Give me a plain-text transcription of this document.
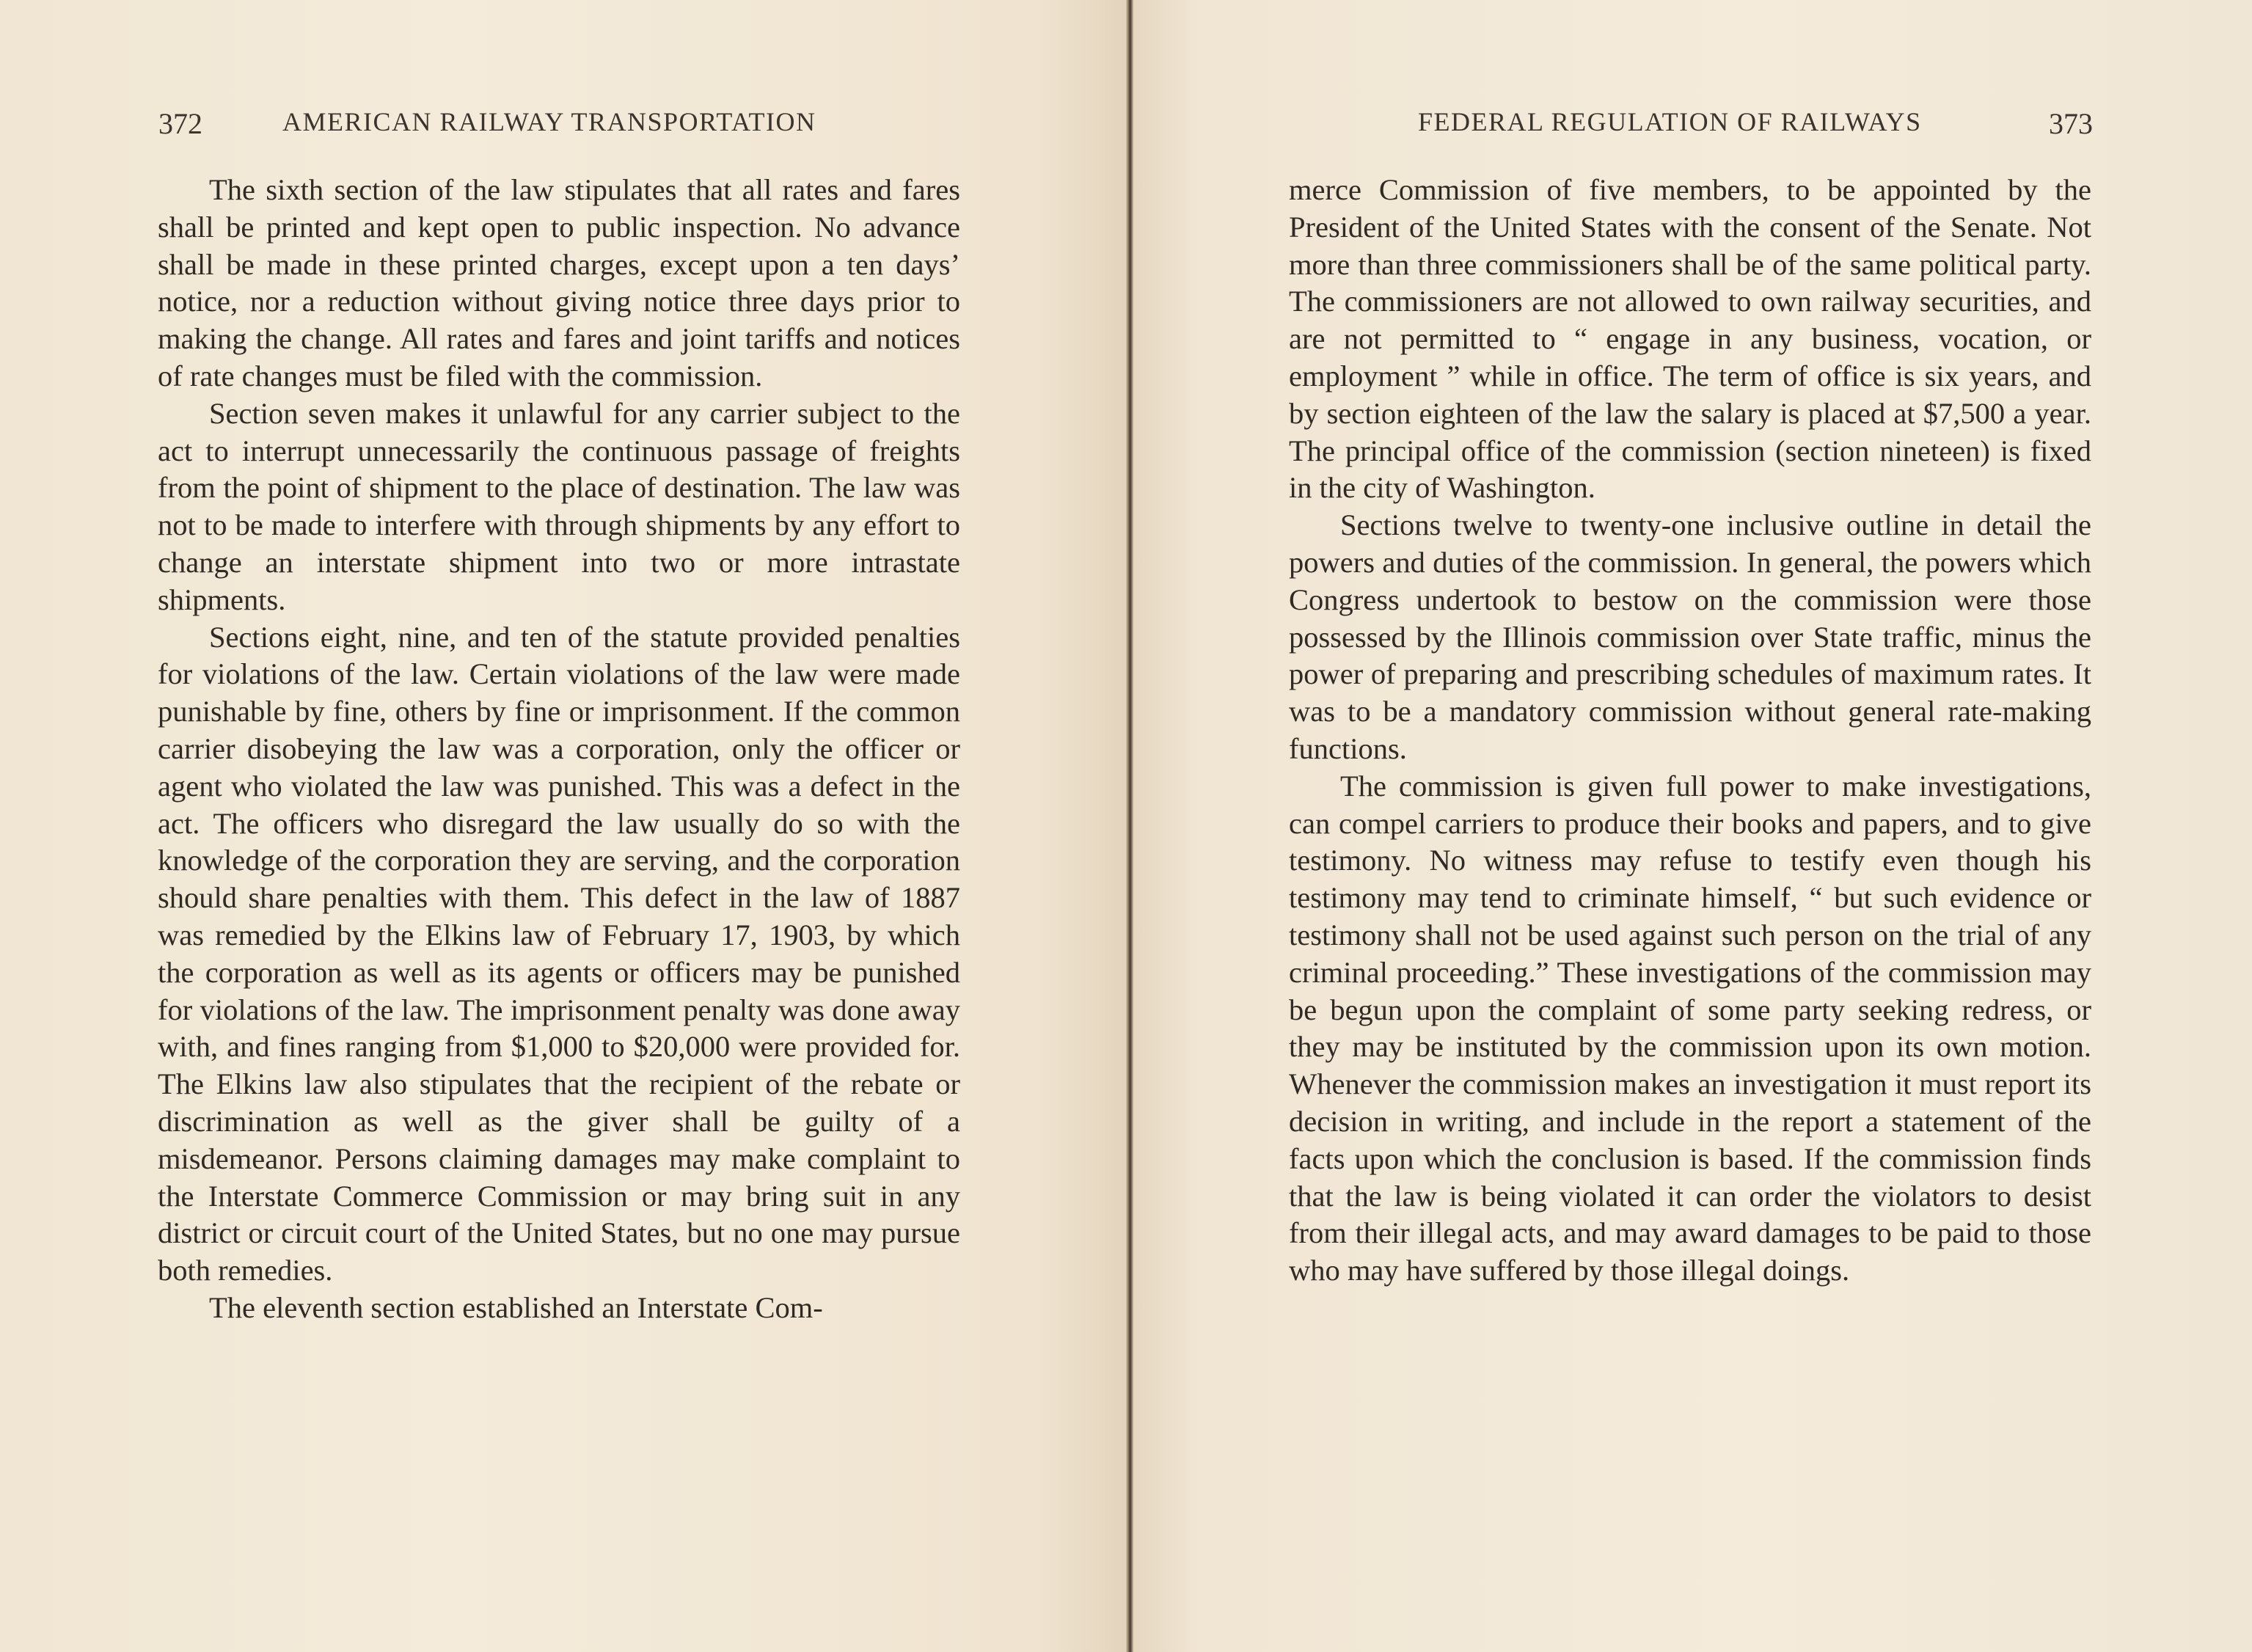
372	AMERICAN RAILWAY TRANSPORTATION

The sixth section of the law stipulates that all rates and fares shall be printed and kept open to public inspection. No advance shall be made in these printed charges, except upon a ten days’ notice, nor a reduction without giving notice three days prior to making the change. All rates and fares and joint tariffs and notices of rate changes must be filed with the commission.

Section seven makes it unlawful for any carrier subject to the act to interrupt unnecessarily the continuous passage of freights from the point of shipment to the place of destination. The law was not to be made to interfere with through shipments by any effort to change an interstate shipment into two or more intrastate shipments.

Sections eight, nine, and ten of the statute provided penalties for violations of the law. Certain violations of the law were made punishable by fine, others by fine or imprisonment. If the common carrier disobeying the law was a corporation, only the officer or agent who violated the law was punished. This was a defect in the act. The officers who disregard the law usually do so with the knowledge of the corporation they are serving, and the corporation should share penalties with them. This defect in the law of 1887 was remedied by the Elkins law of February 17, 1903, by which the corporation as well as its agents or officers may be punished for violations of the law. The imprisonment penalty was done away with, and fines ranging from $1,000 to $20,000 were provided for. The Elkins law also stipulates that the recipient of the rebate or discrimination as well as the giver shall be guilty of a misdemeanor. Persons claiming damages may make complaint to the Interstate Commerce Commission or may bring suit in any district or circuit court of the United States, but no one may pursue both remedies.

The eleventh section established an Interstate Com-

FEDERAL REGULATION OF RAILWAYS	373

merce Commission of five members, to be appointed by the President of the United States with the consent of the Senate. Not more than three commissioners shall be of the same political party. The commissioners are not allowed to own railway securities, and are not permitted to “ engage in any business, vocation, or employment ” while in office. The term of office is six years, and by section eighteen of the law the salary is placed at $7,500 a year. The principal office of the commission (section nineteen) is fixed in the city of Washington.

Sections twelve to twenty-one inclusive outline in detail the powers and duties of the commission. In general, the powers which Congress undertook to bestow on the commission were those possessed by the Illinois commission over State traffic, minus the power of preparing and prescribing schedules of maximum rates. It was to be a mandatory commission without general rate-making functions.

The commission is given full power to make investigations, can compel carriers to produce their books and papers, and to give testimony. No witness may refuse to testify even though his testimony may tend to criminate himself, “ but such evidence or testimony shall not be used against such person on the trial of any criminal proceeding.” These investigations of the commission may be begun upon the complaint of some party seeking redress, or they may be instituted by the commission upon its own motion. Whenever the commission makes an investigation it must report its decision in writing, and include in the report a statement of the facts upon which the conclusion is based. If the commission finds that the law is being violated it can order the violators to desist from their illegal acts, and may award damages to be paid to those who may have suffered by those illegal doings.
